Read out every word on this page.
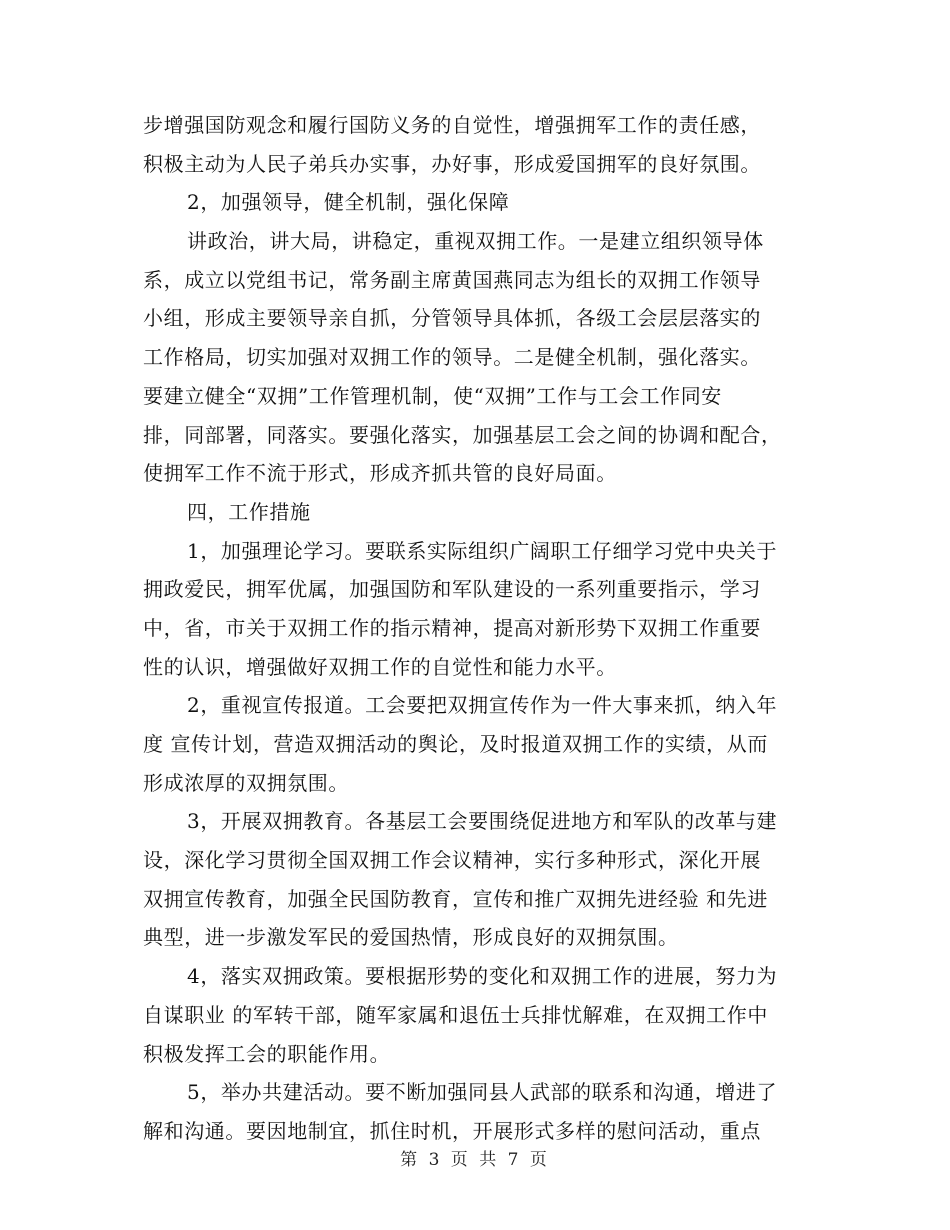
步增强国防观念和履行国防义务的自觉性，增强拥军工作的责任感，
积极主动为人民子弟兵办实事，办好事，形成爱国拥军的良好氛围。
2，加强领导，健全机制，强化保障
讲政治，讲大局，讲稳定，重视双拥工作。一是建立组织领导体
系，成立以党组书记，常务副主席黄国燕同志为组长的双拥工作领导
小组，形成主要领导亲自抓，分管领导具体抓，各级工会层层落实的
工作格局，切实加强对双拥工作的领导。二是健全机制，强化落实。
要建立健全“双拥”工作管理机制，使“双拥”工作与工会工作同安
排，同部署，同落实。要强化落实，加强基层工会之间的协调和配合，
使拥军工作不流于形式，形成齐抓共管的良好局面。
四，工作措施
1，加强理论学习。要联系实际组织广阔职工仔细学习党中央关于
拥政爱民，拥军优属，加强国防和军队建设的一系列重要指示，学习
中，省，市关于双拥工作的指示精神，提高对新形势下双拥工作重要
性的认识，增强做好双拥工作的自觉性和能力水平。
2，重视宣传报道。工会要把双拥宣传作为一件大事来抓，纳入年
度 宣传计划，营造双拥活动的舆论，及时报道双拥工作的实绩，从而
形成浓厚的双拥氛围。
3，开展双拥教育。各基层工会要围绕促进地方和军队的改革与建
设，深化学习贯彻全国双拥工作会议精神，实行多种形式，深化开展
双拥宣传教育，加强全民国防教育，宣传和推广双拥先进经验 和先进
典型，进一步激发军民的爱国热情，形成良好的双拥氛围。
4，落实双拥政策。要根据形势的变化和双拥工作的进展，努力为
自谋职业 的军转干部，随军家属和退伍士兵排忧解难，在双拥工作中
积极发挥工会的职能作用。
5，举办共建活动。要不断加强同县人武部的联系和沟通，增进了
解和沟通。要因地制宜，抓住时机，开展形式多样的慰问活动，重点
第 3 页 共 7 页
